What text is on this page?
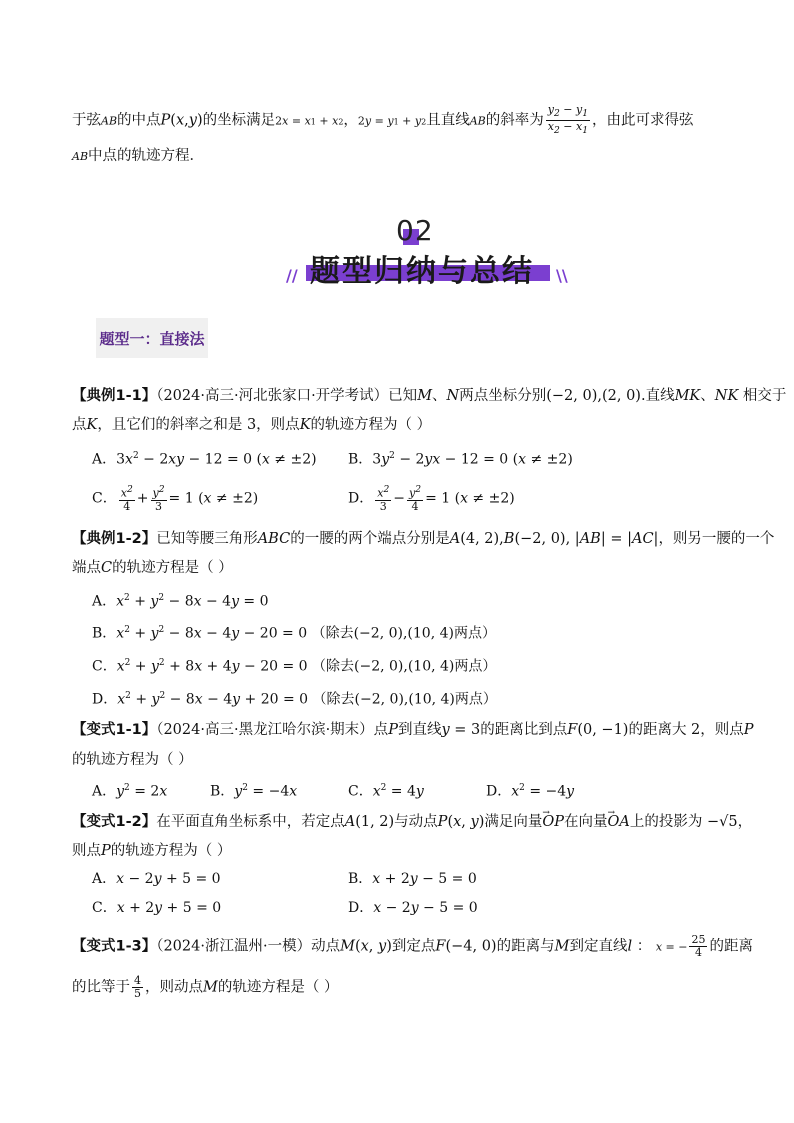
于弦AB的中点P(x,y)的坐标满足2x = x1 + x2，2y = y1 + y2且直线AB的斜率为 $\frac{y_2 - y_1}{x_2 - x_1}$ ，由此可求得弦
AB中点的轨迹方程．
02
// 题型归纳与总结 \\
题型一：直接法
【典例1-1】（2024·高三·河北张家口·开学考试）已知M、N两点坐标分别(−2, 0),(2, 0).直线MK、NK 相交于
点K，且它们的斜率之和是 3，则点K的轨迹方程为（ ）
A．$3x^2 - 2xy - 12 = 0$ (x ≠ ±2) B．$3y^2 - 2yx - 12 = 0$ (x ≠ ±2)
C． $\frac{x^2}{4} + \frac{y^2}{3} = 1$ (x ≠ ±2)	D． $\frac{x^2}{3} - \frac{y^2}{4} = 1$ (x ≠ ±2)
【典例1-2】已知等腰三角形ABC的一腰的两个端点分别是A(4, 2),B(−2, 0), |AB| = |AC|，则另一腰的一个
端点C的轨迹方程是（ ）
A．$x^2 + y^2 - 8x - 4y = 0$
B．$x^2 + y^2 - 8x - 4y - 20 = 0$ （除去(−2, 0),(10, 4)两点）
C．$x^2 + y^2 + 8x + 4y - 20 = 0$ （除去(−2, 0),(10, 4)两点）
D．$x^2 + y^2 - 8x - 4y + 20 = 0$ （除去(−2, 0),(10, 4)两点）
【变式1-1】（2024·高三·黑龙江哈尔滨·期末）点P到直线y = 3的距离比到点F(0, −1)的距离大 2，则点P
的轨迹方程为（ ）
A．$y^2 = 2x$	B．$y^2 = -4x$	C．$x^2 = 4y$	D．$x^2 = -4y$
【变式1-2】在平面直角坐标系中，若定点A(1, 2)与动点P(x, y)满足向量→ OP在向量→ OA上的投影为 −√5，
则点P的轨迹方程为（ ）
A．x − 2y + 5 = 0	B．x + 2y − 5 = 0
C．x + 2y + 5 = 0	D．x − 2y − 5 = 0
【变式1-3】（2024·浙江温州·一模）动点M(x, y)到定点F(−4, 0)的距离与M到定直线l ： x = − $\frac{25}{4}$ 的距离
的比等于 $\frac{4}{5}$ ，则动点M的轨迹方程是（ ）
